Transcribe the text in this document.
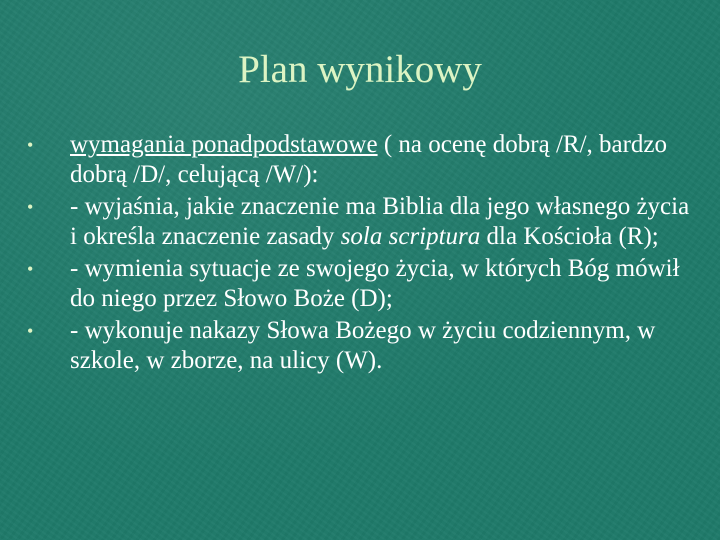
Plan wynikowy
• wymagania ponadpodstawowe ( na ocenę dobrą /R/, bardzo dobrą /D/, celującą /W/):
• - wyjaśnia, jakie znaczenie ma Biblia dla jego własnego życia i określa znaczenie zasady sola scriptura dla Kościoła (R);
• - wymienia sytuacje ze swojego życia, w których Bóg mówił do niego przez Słowo Boże (D);
• - wykonuje nakazy Słowa Bożego w życiu codziennym, w szkole, w zborze, na ulicy (W).
